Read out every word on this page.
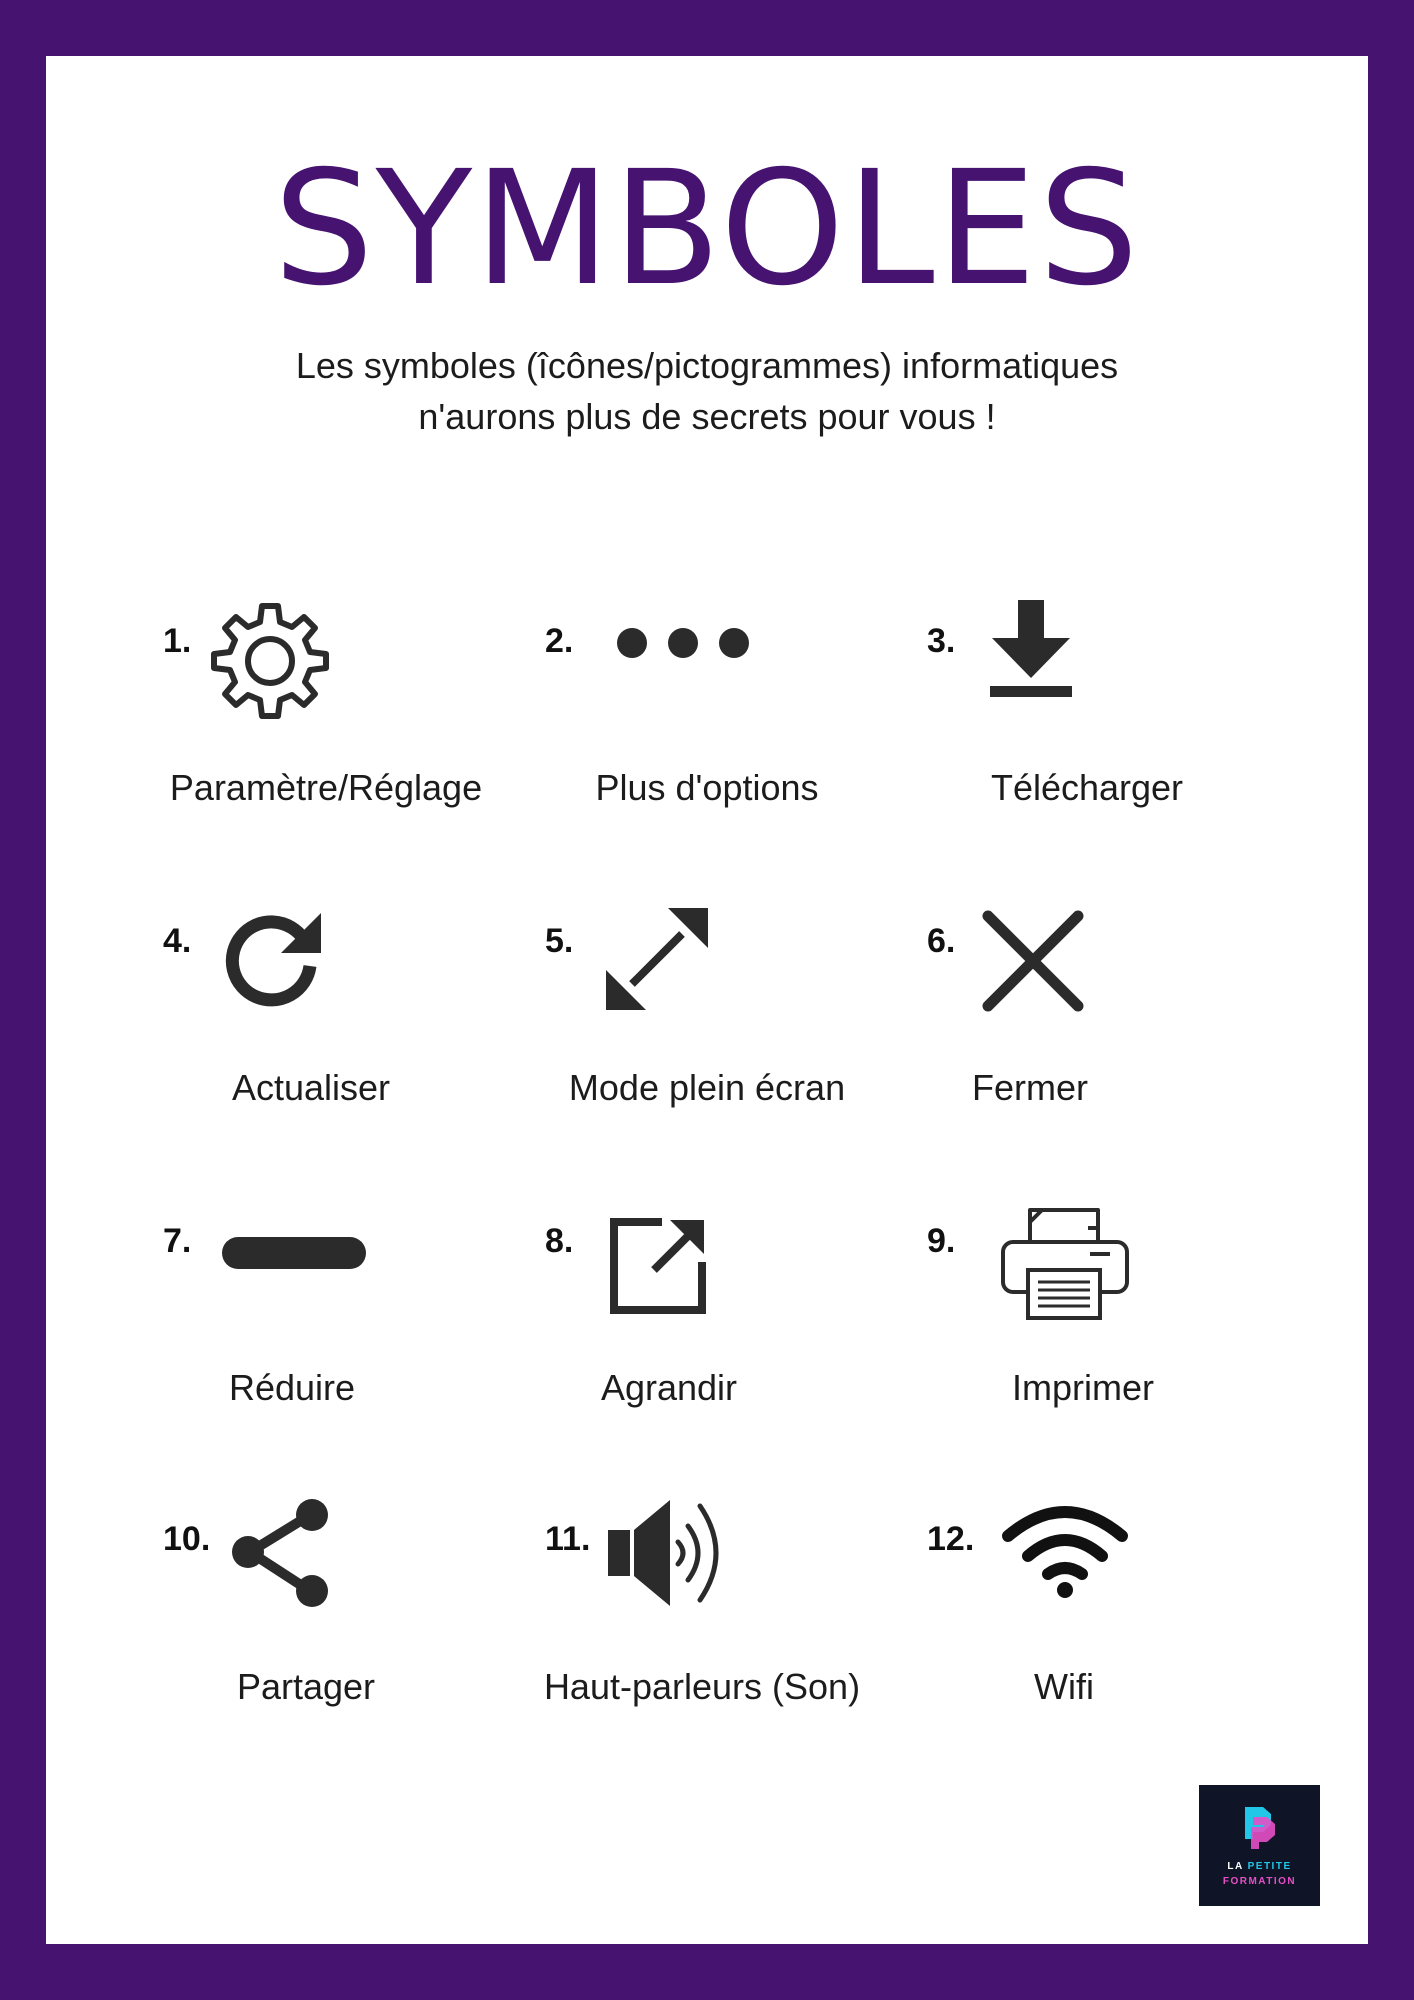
SYMBOLES
Les symboles (îcônes/pictogrammes) informatiques
n'aurons plus de secrets pour vous !
1.
Paramètre/Réglage
2.
Plus d'options
3.
Télécharger
4.
Actualiser
5.
Mode plein écran
6.
Fermer
7.
Réduire
8.
Agrandir
9.
Imprimer
10.
Partager
11.
Haut-parleurs (Son)
12.
Wifi
LA PETITE
FORMATION
